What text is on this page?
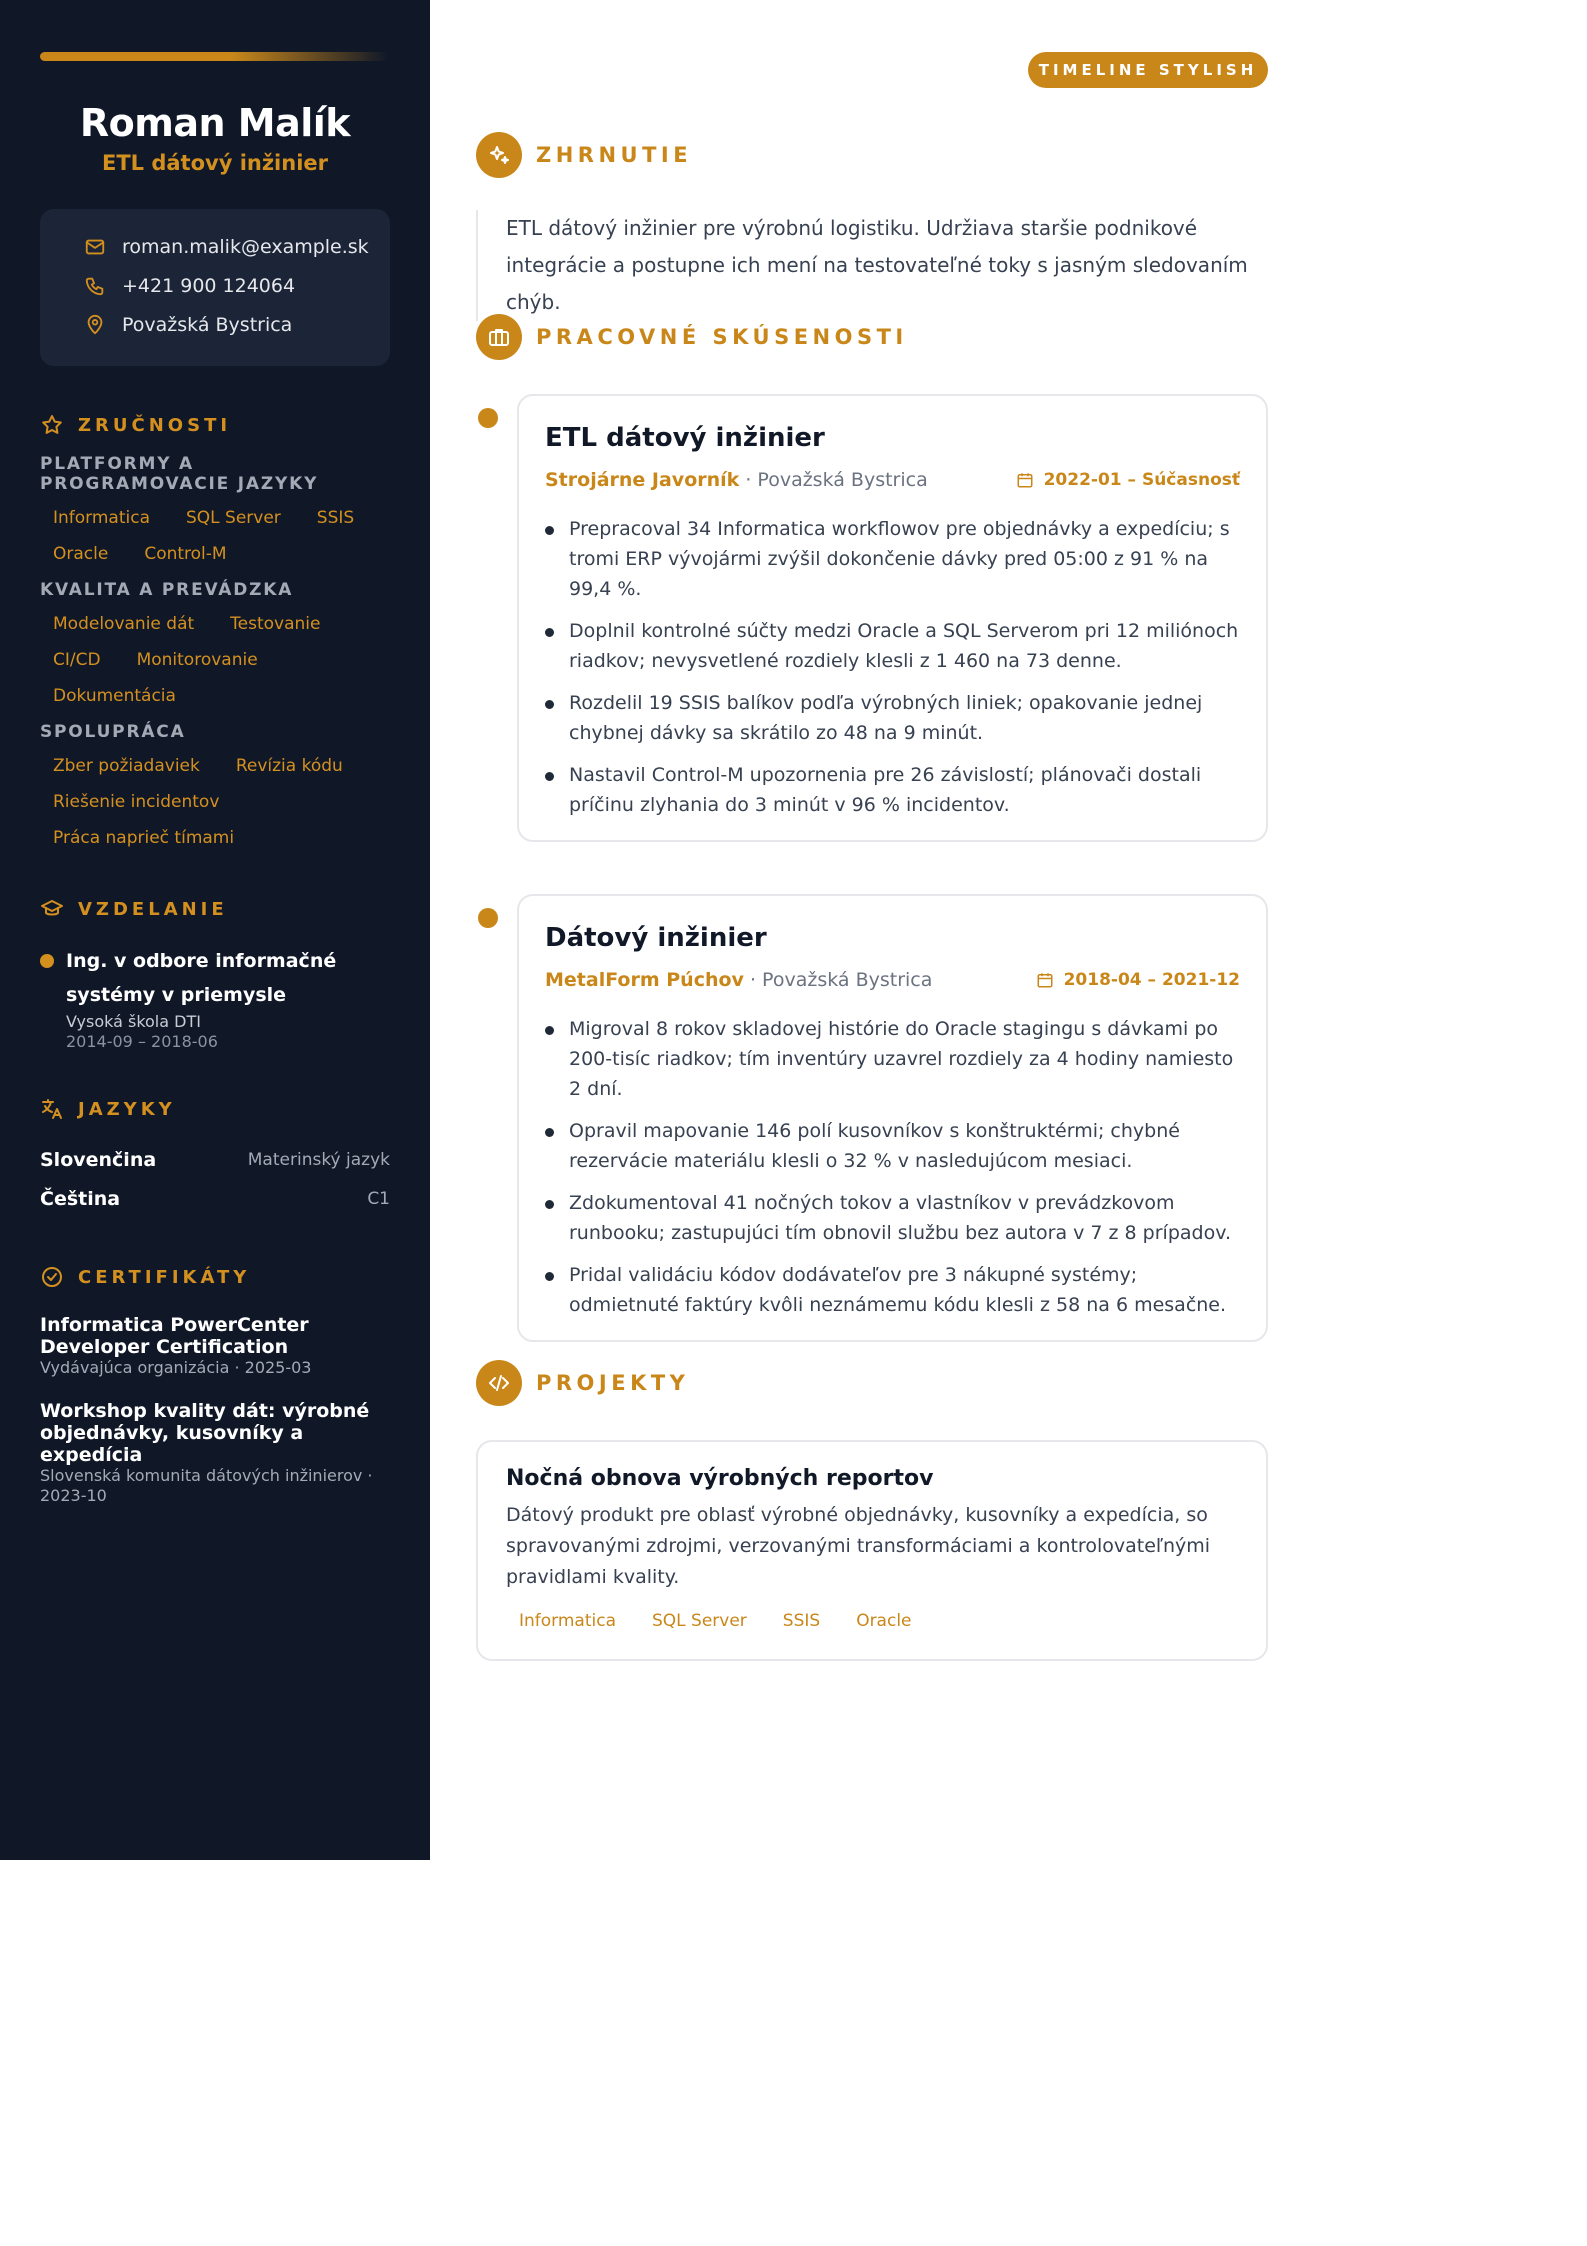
Roman Malík
ETL dátový inžinier
roman.malik@example.sk
+421 900 124064
Považská Bystrica
ZRUČNOSTI
PLATFORMY A PROGRAMOVACIE JAZYKY
Informatica	SQL Server	SSIS
Oracle	Control-M
KVALITA A PREVÁDZKA
Modelovanie dát	Testovanie
CI/CD	Monitorovanie
Dokumentácia
SPOLUPRÁCA
Zber požiadaviek	Revízia kódu
Riešenie incidentov
Práca naprieč tímami
VZDELANIE
Ing. v odbore informačné systémy v priemysle
Vysoká škola DTI
2014-09 – 2018-06
JAZYKY
Slovenčina	Materinský jazyk
Čeština	C1
CERTIFIKÁTY
Informatica PowerCenter Developer Certification
Vydávajúca organizácia · 2025-03
Workshop kvality dát: výrobné objednávky, kusovníky a expedícia
Slovenská komunita dátových inžinierov · 2023-10
TIMELINE STYLISH
ZHRNUTIE

ETL dátový inžinier pre výrobnú logistiku. Udržiava staršie podnikové integrácie a postupne ich mení na testovateľné toky s jasným sledovaním chýb.

PRACOVNÉ SKÚSENOSTI
ETL dátový inžinier
Strojárne Javorník · Považská Bystrica	2022-01 – Súčasnosť
Prepracoval 34 Informatica workflowov pre objednávky a expedíciu; s tromi ERP vývojármi zvýšil dokončenie dávky pred 05:00 z 91 % na 99,4 %.
Doplnil kontrolné súčty medzi Oracle a SQL Serverom pri 12 miliónoch riadkov; nevysvetlené rozdiely klesli z 1 460 na 73 denne.
Rozdelil 19 SSIS balíkov podľa výrobných liniek; opakovanie jednej chybnej dávky sa skrátilo zo 48 na 9 minút.
Nastavil Control-M upozornenia pre 26 závislostí; plánovači dostali príčinu zlyhania do 3 minút v 96 % incidentov.
Dátový inžinier
MetalForm Púchov · Považská Bystrica	2018-04 – 2021-12
Migroval 8 rokov skladovej histórie do Oracle stagingu s dávkami po 200-tisíc riadkov; tím inventúry uzavrel rozdiely za 4 hodiny namiesto 2 dní.
Opravil mapovanie 146 polí kusovníkov s konštruktérmi; chybné rezervácie materiálu klesli o 32 % v nasledujúcom mesiaci.
Zdokumentoval 41 nočných tokov a vlastníkov v prevádzkovom runbooku; zastupujúci tím obnovil službu bez autora v 7 z 8 prípadov.
Pridal validáciu kódov dodávateľov pre 3 nákupné systémy; odmietnuté faktúry kvôli neznámemu kódu klesli z 58 na 6 mesačne.
PROJEKTY
Nočná obnova výrobných reportov

Dátový produkt pre oblasť výrobné objednávky, kusovníky a expedícia, so spravovanými zdrojmi, verzovanými transformáciami a kontrolovateľnými pravidlami kvality.

Informatica	SQL Server	SSIS	Oracle
